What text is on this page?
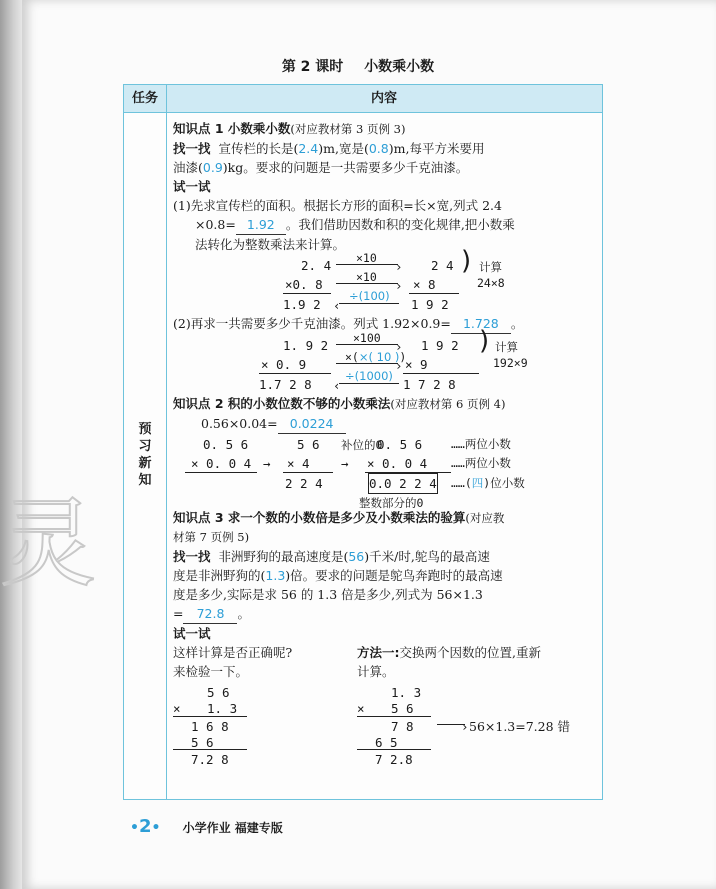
灵
第 2 课时 小数乘小数
任务	内容
预
习
新
知
知识点 1 小数乘小数(对应教材第 3 页例 3)
找一找 宣传栏的长是(2.4)m,宽是(0.8)m,每平方米要用
油漆(0.9)kg。要求的问题是一共需要多少千克油漆。
试一试
(1)先求宣传栏的面积。根据长方形的面积=长×宽,列式 2.4
×0.8= 1.92 。我们借助因数和积的变化规律,把小数乘
法转化为整数乘法来计算。
2. 4
×0. 8
1.9 2
×10
›
×10
›
÷(100)
‹
2 4
× 8
1 9 2
) 计算
24×8
(2)再求一共需要多少千克油漆。列式 1.92×0.9= 1.728 。
1. 9 2
× 0. 9
1.7 2 8
×100
›
×(×( 10 ))
›
÷(1000)
‹
1 9 2
× 9
1 7 2 8
) 计算
192×9
知识点 2 积的小数位数不够的小数乘法(对应教材第 6 页例 4)
0.56×0.04= 0.0224
0. 5 6
× 0. 0 4 →
5 6
× 4
2 2 4
→
补位的0
0. 5 6
× 0. 0 4
0.0 2 2 4
……两位小数
……两位小数
……(四)位小数
整数部分的0
知识点 3 求一个数的小数倍是多少及小数乘法的验算(对应教
材第 7 页例 5)
找一找 非洲野狗的最高速度是(56)千米/时,鸵鸟的最高速
度是非洲野狗的(1.3)倍。要求的问题是鸵鸟奔跑时的最高速
度是多少,实际是求 56 的 1.3 倍是多少,列式为 56×1.3
= 72.8 。
试一试
这样计算是否正确呢?
来检验一下。
方法一:交换两个因数的位置,重新
计算。
5 6
× 1. 3
1 6 8
5 6
7.2 8
1. 3
× 5 6
7 8
6 5
7 2.8
› 56×1.3=7.28 错
•2• 小学作业 福建专版
